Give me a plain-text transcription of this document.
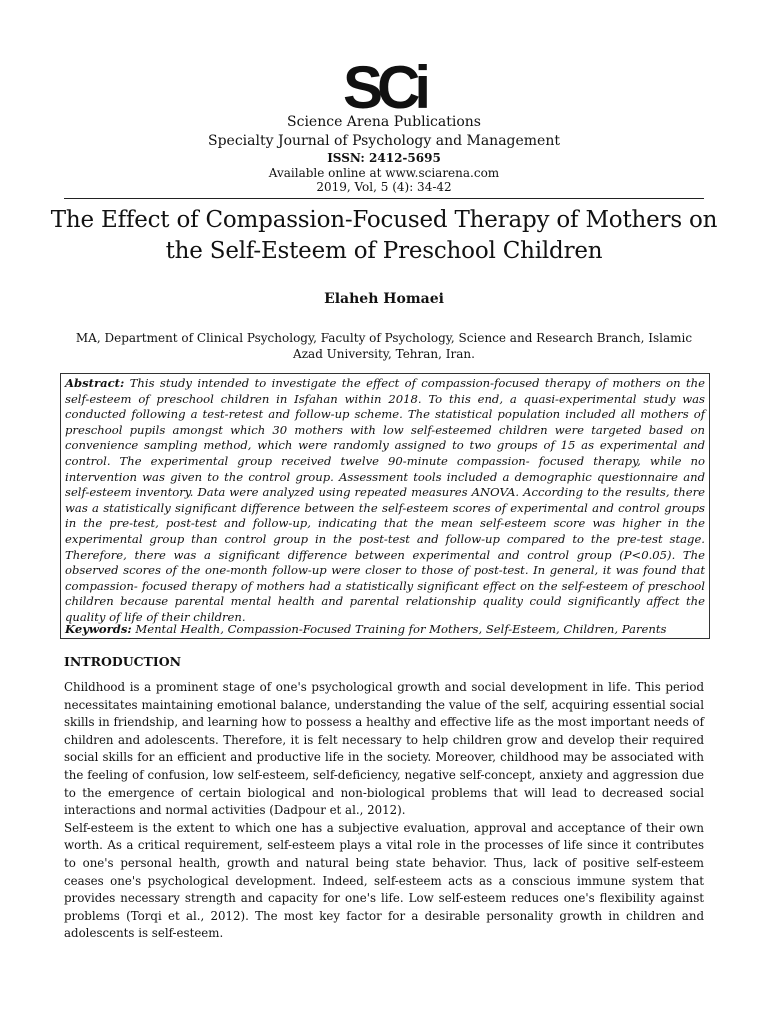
SCi
Science Arena Publications
Specialty Journal of Psychology and Management
ISSN: 2412-5695
Available online at www.sciarena.com
2019, Vol, 5 (4): 34-42
The Effect of Compassion-Focused Therapy of Mothers on the Self-Esteem of Preschool Children
Elaheh Homaei
MA, Department of Clinical Psychology, Faculty of Psychology, Science and Research Branch, Islamic Azad University, Tehran, Iran.

Abstract: This study intended to investigate the effect of compassion-focused therapy of mothers on the self-esteem of preschool children in Isfahan within 2018. To this end, a quasi-experimental study was conducted following a test-retest and follow-up scheme. The statistical population included all mothers of preschool pupils amongst which 30 mothers with low self-esteemed children were targeted based on convenience sampling method, which were randomly assigned to two groups of 15 as experimental and control. The experimental group received twelve 90-minute compassion- focused therapy, while no intervention was given to the control group. Assessment tools included a demographic questionnaire and self-esteem inventory. Data were analyzed using repeated measures ANOVA. According to the results, there was a statistically significant difference between the self-esteem scores of experimental and control groups in the pre-test, post-test and follow-up, indicating that the mean self-esteem score was higher in the experimental group than control group in the post-test and follow-up compared to the pre-test stage. Therefore, there was a significant difference between experimental and control group (P<0.05). The observed scores of the one-month follow-up were closer to those of post-test. In general, it was found that compassion- focused therapy of mothers had a statistically significant effect on the self-esteem of preschool children because parental mental health and parental relationship quality could significantly affect the quality of life of their children.

Keywords: Mental Health, Compassion-Focused Training for Mothers, Self-Esteem, Children, Parents
INTRODUCTION

Childhood is a prominent stage of one's psychological growth and social development in life. This period necessitates maintaining emotional balance, understanding the value of the self, acquiring essential social skills in friendship, and learning how to possess a healthy and effective life as the most important needs of children and adolescents. Therefore, it is felt necessary to help children grow and develop their required social skills for an efficient and productive life in the society. Moreover, childhood may be associated with the feeling of confusion, low self-esteem, self-deficiency, negative self-concept, anxiety and aggression due to the emergence of certain biological and non-biological problems that will lead to decreased social interactions and normal activities (Dadpour et al., 2012).

Self-esteem is the extent to which one has a subjective evaluation, approval and acceptance of their own worth. As a critical requirement, self-esteem plays a vital role in the processes of life since it contributes to one's personal health, growth and natural being state behavior. Thus, lack of positive self-esteem ceases one's psychological development. Indeed, self-esteem acts as a conscious immune system that provides necessary strength and capacity for one's life. Low self-esteem reduces one's flexibility against problems (Torqi et al., 2012). The most key factor for a desirable personality growth in children and adolescents is self-esteem.
